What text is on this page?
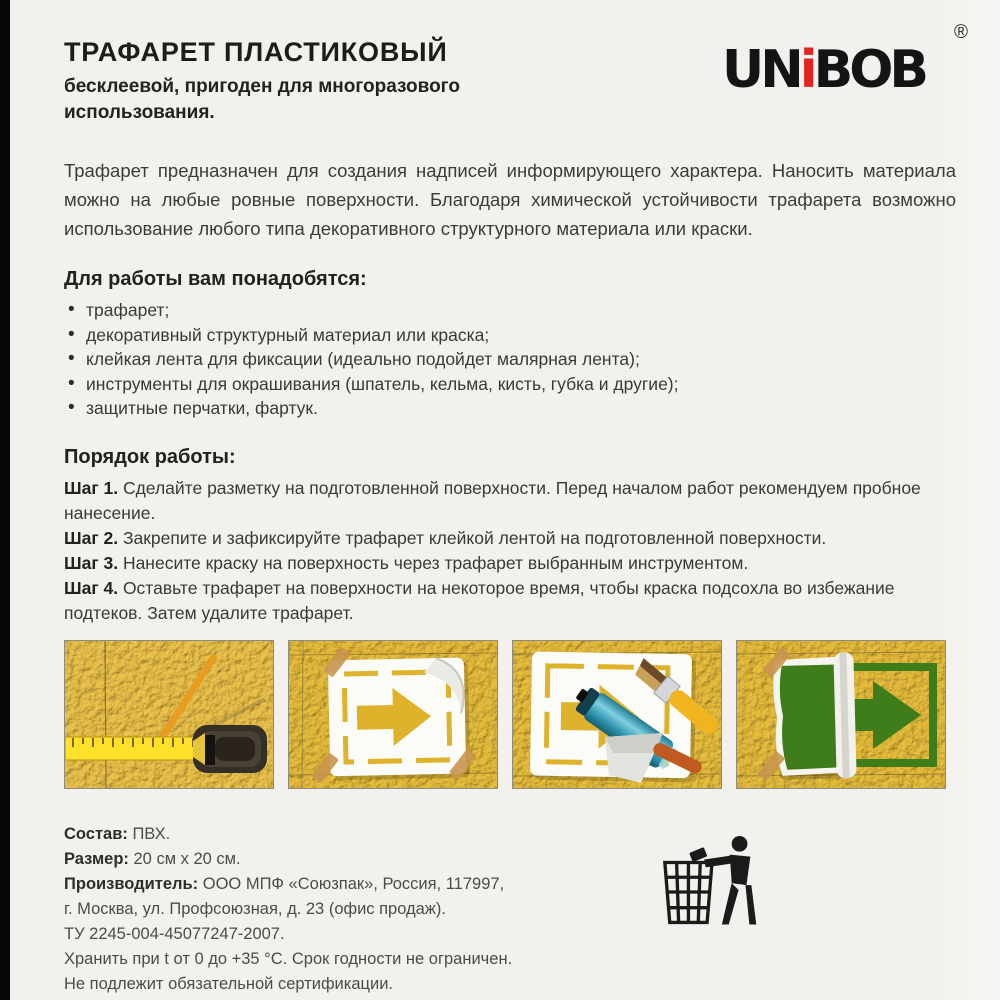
ТРАФАРЕТ ПЛАСТИКОВЫЙ

бесклеевой, пригоден для многоразового использования.

UNiBOB
®

Трафарет предназначен для создания надписей информирующего характера. Наносить материала можно на любые ровные поверхности. Благодаря химической устойчивости трафарета возможно использование любого типа декоративного структурного материала или краски.

Для работы вам понадобятся:
• трафарет;
• декоративный структурный материал или краска;
• клейкая лента для фиксации (идеально подойдет малярная лента);
• инструменты для окрашивания (шпатель, кельма, кисть, губка и другие);
• защитные перчатки, фартук.
Порядок работы:

Шаг 1. Сделайте разметку на подготовленной поверхности. Перед началом работ рекомендуем пробное нанесение.

Шаг 2. Закрепите и зафиксируйте трафарет клейкой лентой на подготовленной поверхности.

Шаг 3. Нанесите краску на поверхность через трафарет выбранным инструментом.

Шаг 4. Оставьте трафарет на поверхности на некоторое время, чтобы краска подсохла во избежание подтеков. Затем удалите трафарет.

Состав: ПВХ.

Размер: 20 см х 20 см.

Производитель: ООО МПФ «Союзпак», Россия, 117997,

г. Москва, ул. Профсоюзная, д. 23 (офис продаж).

ТУ 2245-004-45077247-2007.

Хранить при t от 0 до +35 °С. Срок годности не ограничен.

Не подлежит обязательной сертификации.
